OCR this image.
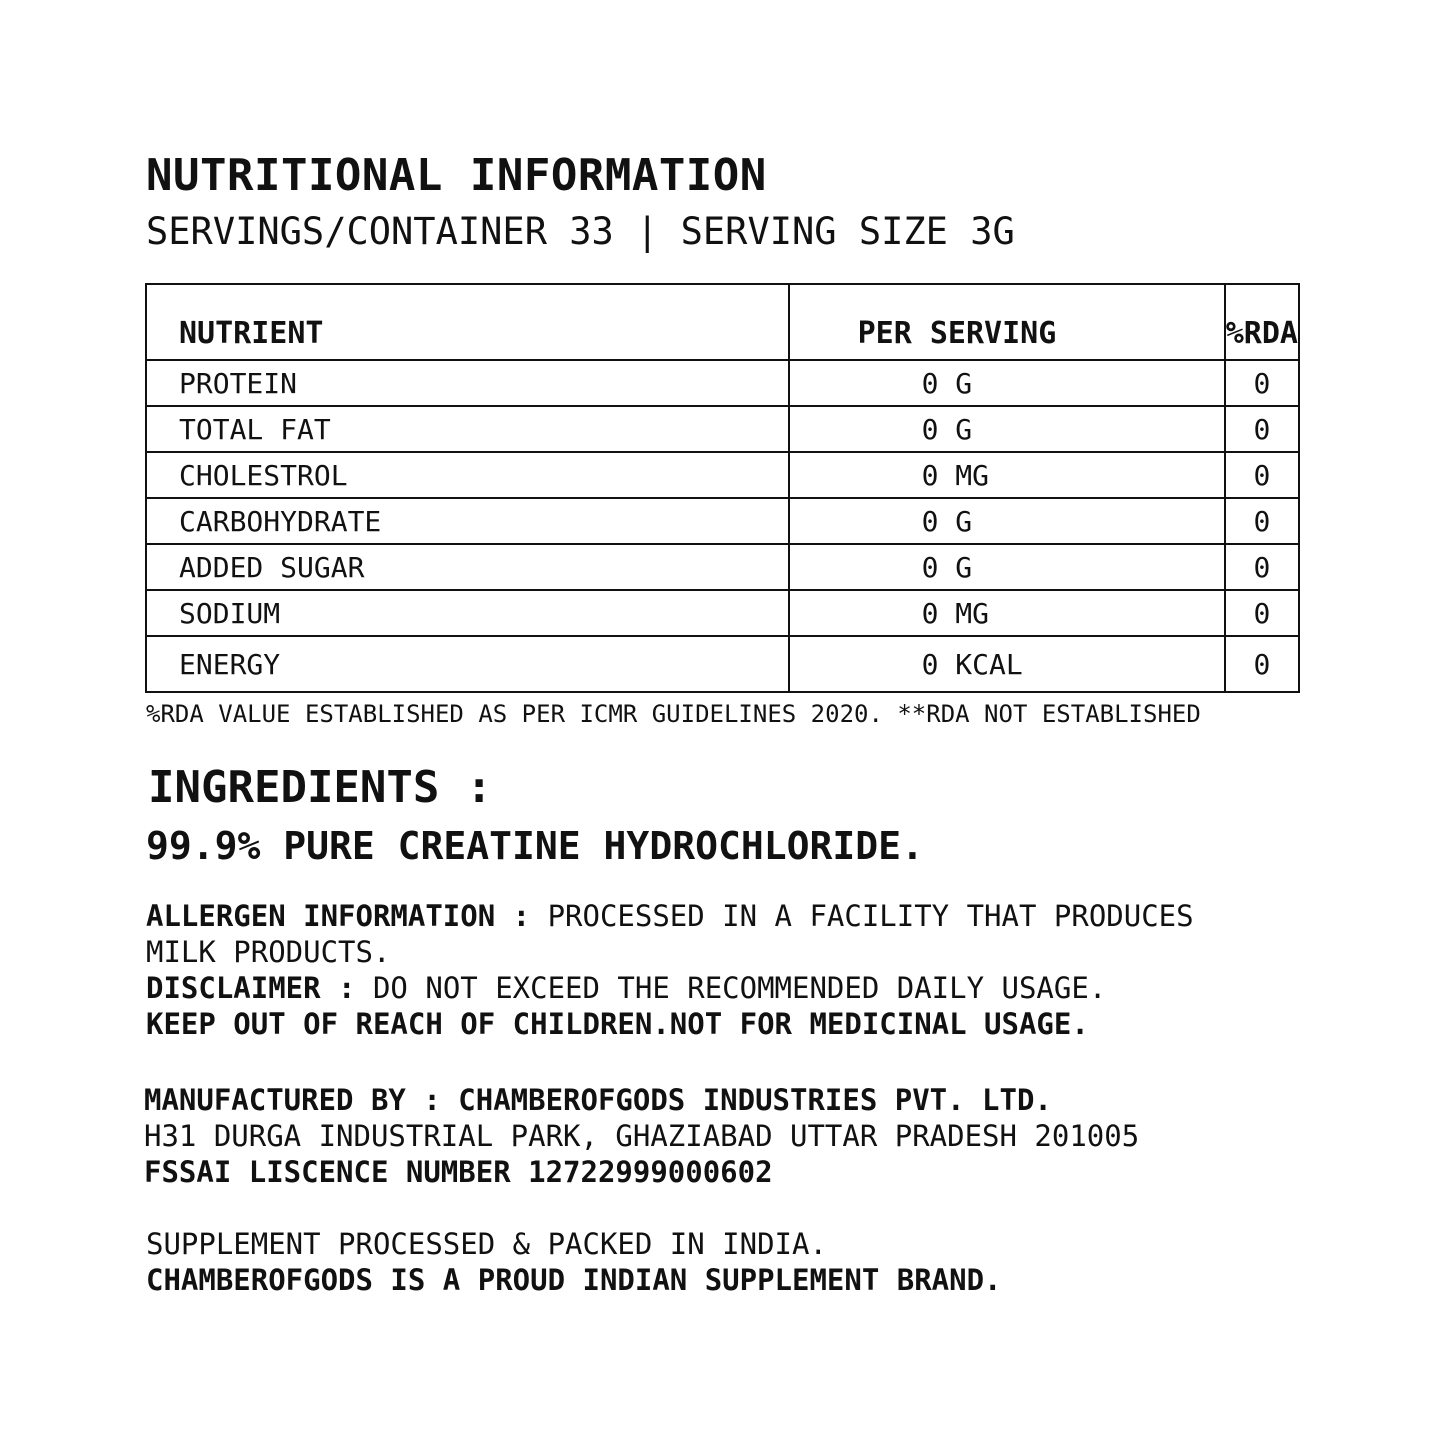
NUTRITIONAL INFORMATION
SERVINGS/CONTAINER 33 | SERVING SIZE 3G
NUTRIENT	PER SERVING	%RDA
PROTEIN	0 G	0
TOTAL FAT	0 G	0
CHOLESTROL	0 MG	0
CARBOHYDRATE	0 G	0
ADDED SUGAR	0 G	0
SODIUM	0 MG	0
ENERGY	0 KCAL	0
%RDA VALUE ESTABLISHED AS PER ICMR GUIDELINES 2020. **RDA NOT ESTABLISHED
INGREDIENTS :
99.9% PURE CREATINE HYDROCHLORIDE.
ALLERGEN INFORMATION : PROCESSED IN A FACILITY THAT PRODUCES
MILK PRODUCTS.
DISCLAIMER : DO NOT EXCEED THE RECOMMENDED DAILY USAGE.
KEEP OUT OF REACH OF CHILDREN.NOT FOR MEDICINAL USAGE.
MANUFACTURED BY : CHAMBEROFGODS INDUSTRIES PVT. LTD.
H31 DURGA INDUSTRIAL PARK, GHAZIABAD UTTAR PRADESH 201005
FSSAI LISCENCE NUMBER 12722999000602
SUPPLEMENT PROCESSED & PACKED IN INDIA.
CHAMBEROFGODS IS A PROUD INDIAN SUPPLEMENT BRAND.
